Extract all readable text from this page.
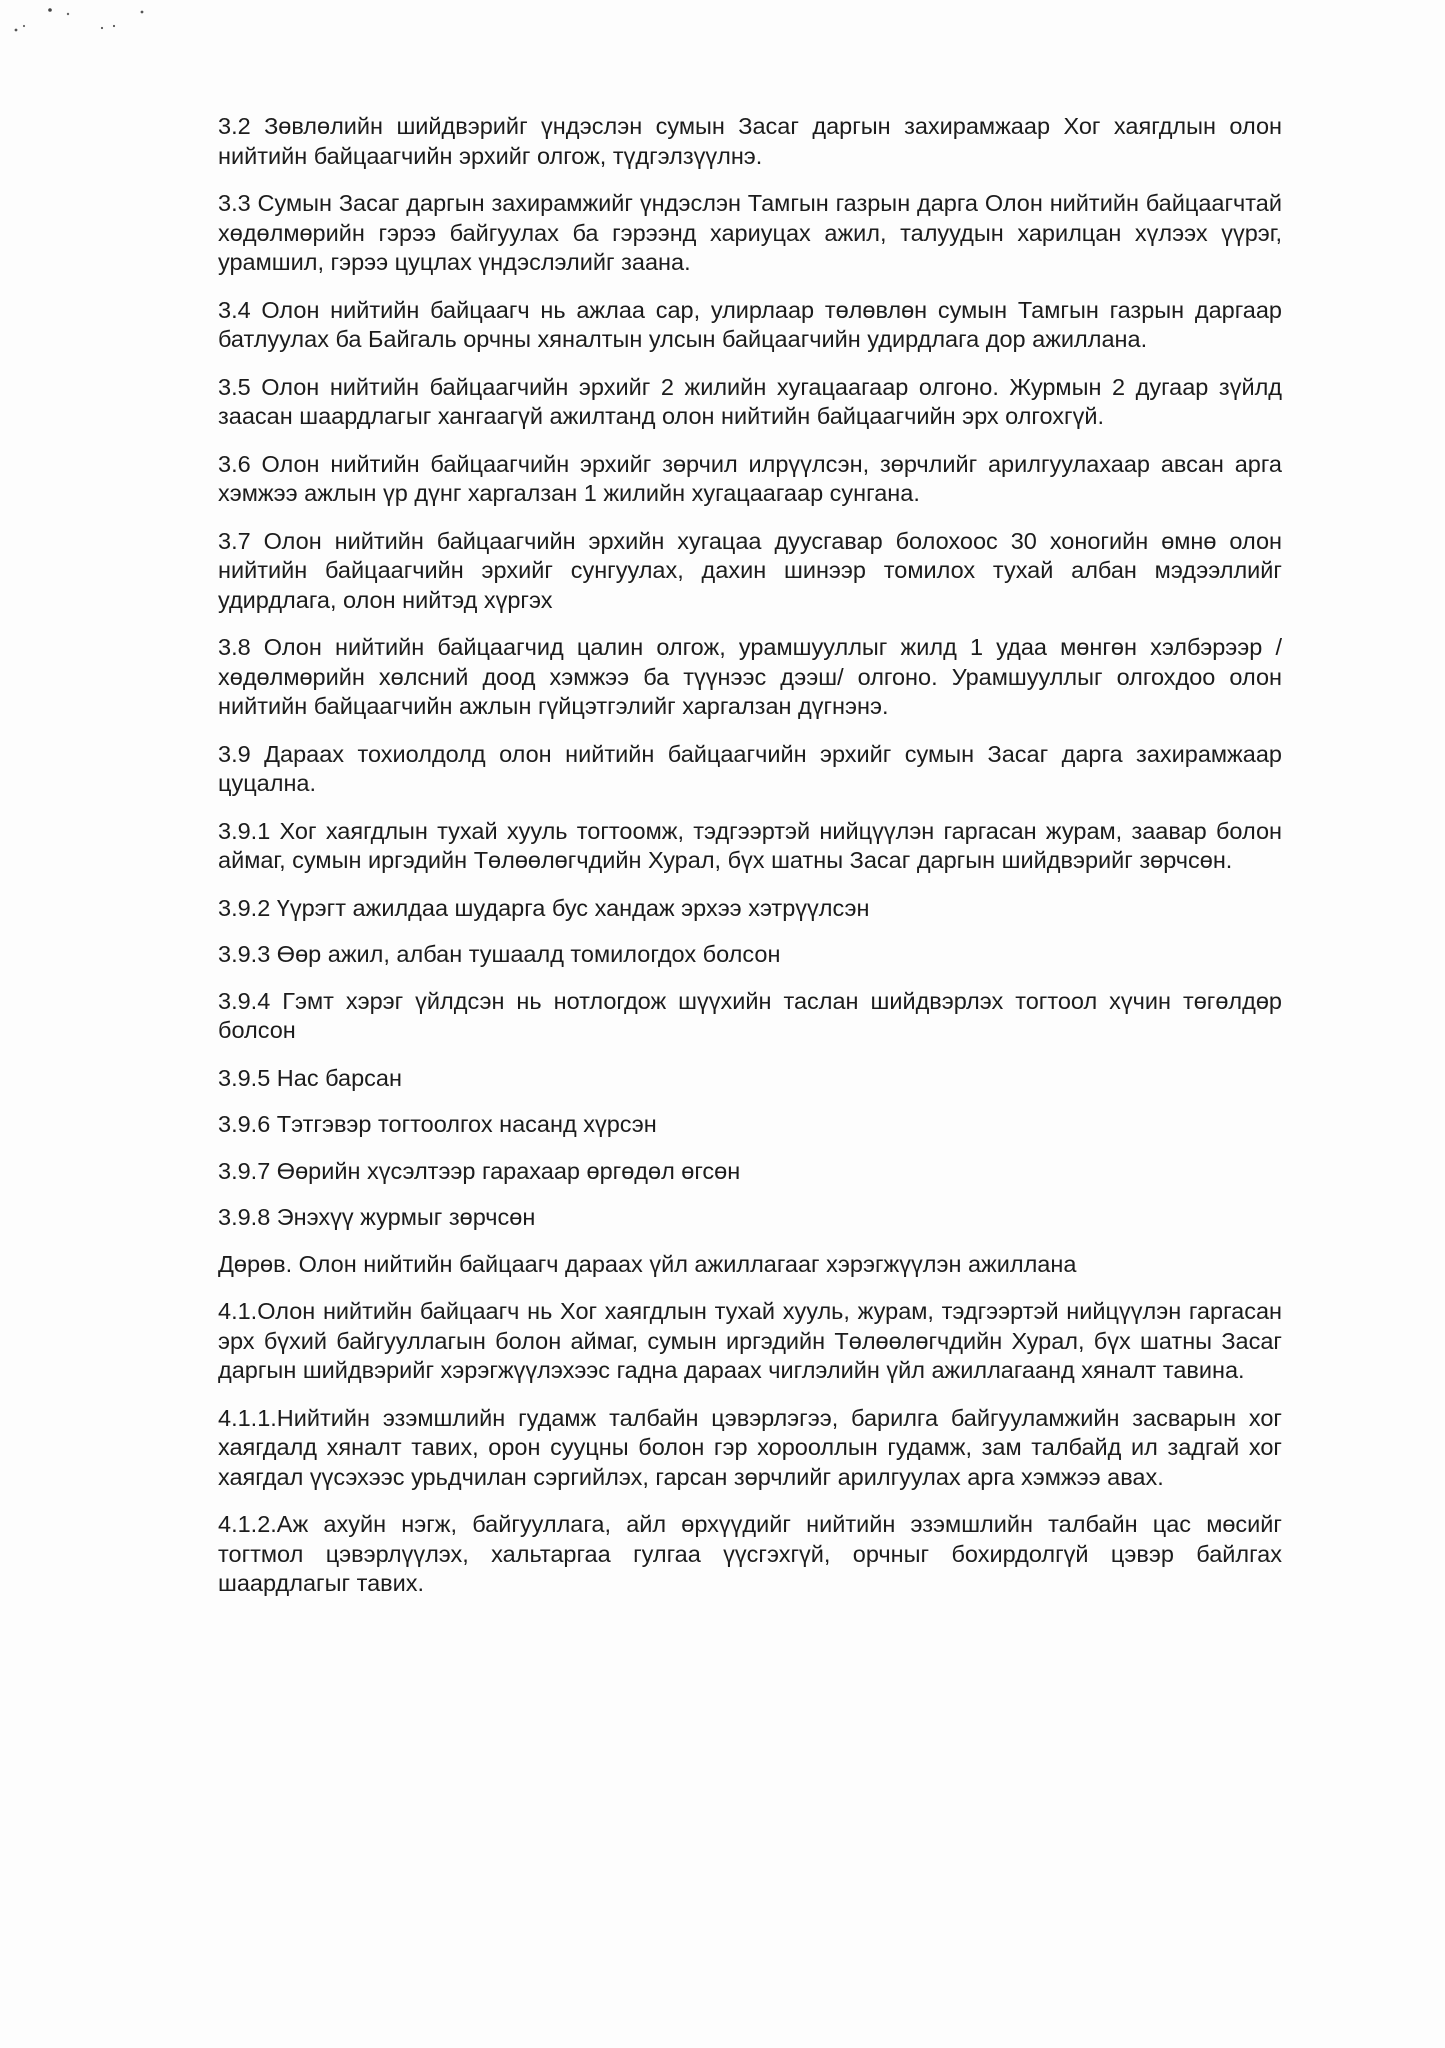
3.2 Зөвлөлийн шийдвэрийг үндэслэн сумын Засаг даргын захирамжаар Хог хаягдлын олон нийтийн байцаагчийн эрхийг олгож, түдгэлзүүлнэ.

3.3 Сумын Засаг даргын захирамжийг үндэслэн Тамгын газрын дарга Олон нийтийн байцаагчтай хөдөлмөрийн гэрээ байгуулах ба гэрээнд хариуцах ажил, талуудын харилцан хүлээх үүрэг, урамшил, гэрээ цуцлах үндэслэлийг заана.

3.4 Олон нийтийн байцаагч нь ажлаа сар, улирлаар төлөвлөн сумын Тамгын газрын даргаар батлуулах ба Байгаль орчны хяналтын улсын байцаагчийн удирдлага дор ажиллана.

3.5 Олон нийтийн байцаагчийн эрхийг 2 жилийн хугацаагаар олгоно. Журмын 2 дугаар зүйлд заасан шаардлагыг хангаагүй ажилтанд олон нийтийн байцаагчийн эрх олгохгүй.

3.6 Олон нийтийн байцаагчийн эрхийг зөрчил илрүүлсэн, зөрчлийг арилгуулахаар авсан арга хэмжээ ажлын үр дүнг харгалзан 1 жилийн хугацаагаар сунгана.

3.7 Олон нийтийн байцаагчийн эрхийн хугацаа дуусгавар болохоос 30 хоногийн өмнө олон нийтийн байцаагчийн эрхийг сунгуулах, дахин шинээр томилох тухай албан мэдээллийг удирдлага, олон нийтэд хүргэх

3.8 Олон нийтийн байцаагчид цалин олгож, урамшууллыг жилд 1 удаа мөнгөн хэлбэрээр /хөдөлмөрийн хөлсний доод хэмжээ ба түүнээс дээш/ олгоно. Урамшууллыг олгохдоо олон нийтийн байцаагчийн ажлын гүйцэтгэлийг харгалзан дүгнэнэ.

3.9 Дараах тохиолдолд олон нийтийн байцаагчийн эрхийг сумын Засаг дарга захирамжаар цуцална.

3.9.1 Хог хаягдлын тухай хууль тогтоомж, тэдгээртэй нийцүүлэн гаргасан журам, заавар болон аймаг, сумын иргэдийн Төлөөлөгчдийн Хурал, бүх шатны Засаг даргын шийдвэрийг зөрчсөн.

3.9.2 Үүрэгт ажилдаа шударга бус хандаж эрхээ хэтрүүлсэн

3.9.3 Өөр ажил, албан тушаалд томилогдох болсон

3.9.4 Гэмт хэрэг үйлдсэн нь нотлогдож шүүхийн таслан шийдвэрлэх тогтоол хүчин төгөлдөр болсон

3.9.5 Нас барсан

3.9.6 Тэтгэвэр тогтоолгох насанд хүрсэн

3.9.7 Өөрийн хүсэлтээр гарахаар өргөдөл өгсөн

3.9.8 Энэхүү журмыг зөрчсөн

Дөрөв. Олон нийтийн байцаагч дараах үйл ажиллагааг хэрэгжүүлэн ажиллана

4.1.Олон нийтийн байцаагч нь Хог хаягдлын тухай хууль, журам, тэдгээртэй нийцүүлэн гаргасан эрх бүхий байгууллагын болон аймаг, сумын иргэдийн Төлөөлөгчдийн Хурал, бүх шатны Засаг даргын шийдвэрийг хэрэгжүүлэхээс гадна дараах чиглэлийн үйл ажиллагаанд хяналт тавина.

4.1.1.Нийтийн эзэмшлийн гудамж талбайн цэвэрлэгээ, барилга байгууламжийн засварын хог хаягдалд хяналт тавих, орон сууцны болон гэр хорооллын гудамж, зам талбайд ил задгай хог хаягдал үүсэхээс урьдчилан сэргийлэх, гарсан зөрчлийг арилгуулах арга хэмжээ авах.

4.1.2.Аж ахуйн нэгж, байгууллага, айл өрхүүдийг нийтийн эзэмшлийн талбайн цас мөсийг тогтмол цэвэрлүүлэх, хальтаргаа гулгаа үүсгэхгүй, орчныг бохирдолгүй цэвэр байлгах шаардлагыг тавих.
